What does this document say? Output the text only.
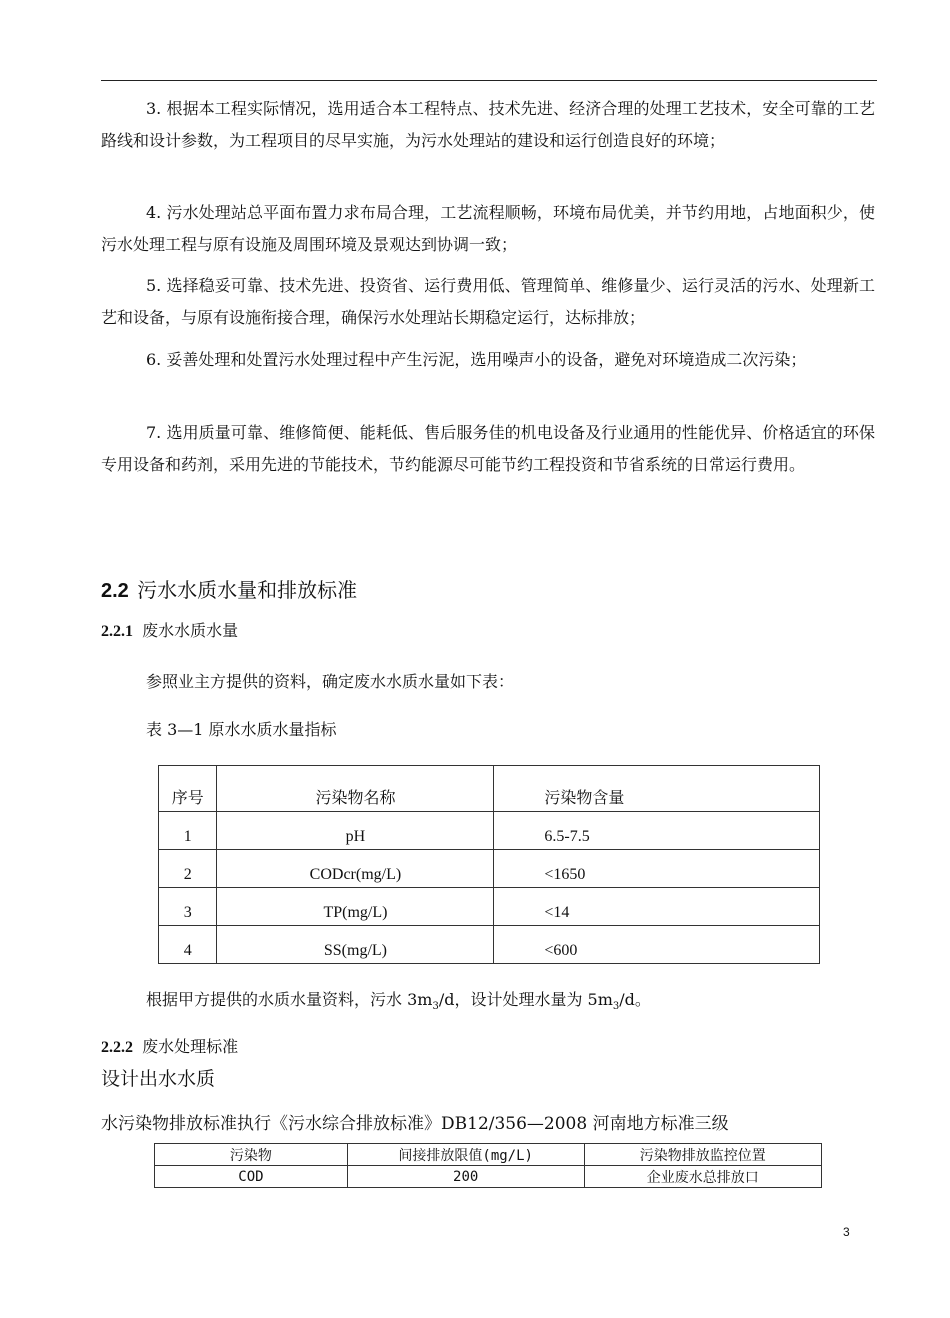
3. 根据本工程实际情况，选用适合本工程特点、技术先进、经济合理的处理工艺技术，安全可靠的工艺路线和设计参数，为工程项目的尽早实施，为污水处理站的建设和运行创造良好的环境；

4. 污水处理站总平面布置力求布局合理，工艺流程顺畅，环境布局优美，并节约用地，占地面积少，使污水处理工程与原有设施及周围环境及景观达到协调一致；

5. 选择稳妥可靠、技术先进、投资省、运行费用低、管理简单、维修量少、运行灵活的污水、处理新工艺和设备，与原有设施衔接合理，确保污水处理站长期稳定运行，达标排放；

6. 妥善处理和处置污水处理过程中产生污泥，选用噪声小的设备，避免对环境造成二次污染；

7. 选用质量可靠、维修简便、能耗低、售后服务佳的机电设备及行业通用的性能优异、价格适宜的环保专用设备和药剂，采用先进的节能技术，节约能源尽可能节约工程投资和节省系统的日常运行费用。

2.2 污水水质水量和排放标准
2.2.1 废水水质水量

参照业主方提供的资料，确定废水水质水量如下表：

表 3—1 原水水质水量指标

序号	污染物名称	污染物含量
1	pH	6.5-7.5
2	CODcr(mg/L)	<1650
3	TP(mg/L)	<14
4	SS(mg/L)	<600

根据甲方提供的水质水量资料，污水 $3m_3/d$，设计处理水量为 $5m_3/d$。

2.2.2 废水处理标准

设计出水水质

水污染物排放标准执行《污水综合排放标准》DB12/356—2008 河南地方标准三级

污染物	间接排放限值(mg/L)	污染物排放监控位置
COD	200	企业废水总排放口
3
